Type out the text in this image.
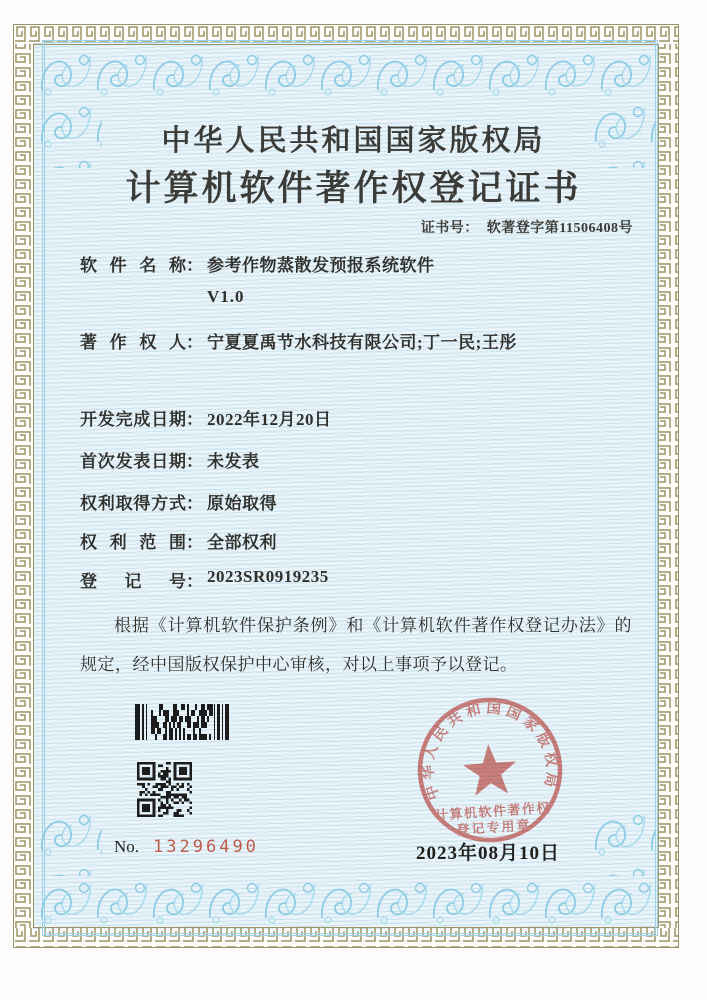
中华人民共和国国家版权局
计算机软件著作权登记证书
证书号： 软著登字第11506408号
软件名称 ： 参考作物蒸散发预报系统软件
V1.0
著作权人 ： 宁夏夏禹节水科技有限公司;丁一民;王彤
开发完成日期 ： 2022年12月20日
首次发表日期 ： 未发表
权利取得方式 ： 原始取得
权利范围 ： 全部权利
登记号 ： 2023SR0919235
根据《计算机软件保护条例》和《计算机软件著作权登记办法》的规定，经中国版权保护中心审核，对以上事项予以登记。
中华人民共和国国家版权局
计算机软件著作权
登记专用章
No. 13296490	2023年08月10日
